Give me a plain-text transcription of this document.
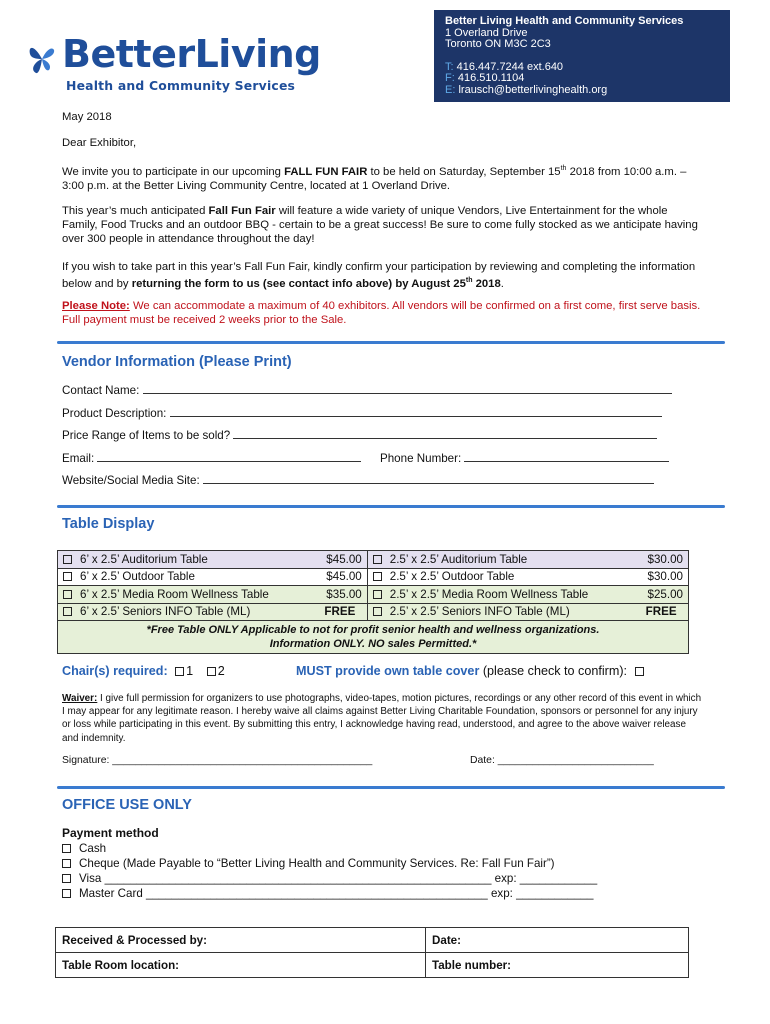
BetterLiving
Health and Community Services
Better Living Health and Community Services
1 Overland Drive
Toronto ON M3C 2C3
T: 416.447.7244 ext.640
F: 416.510.1104
E: lrausch@betterlivinghealth.org
May 2018
Dear Exhibitor,
We invite you to participate in our upcoming FALL FUN FAIR to be held on Saturday, September 15th 2018 from 10:00 a.m. – 3:00 p.m. at the Better Living Community Centre, located at 1 Overland Drive.
This year’s much anticipated Fall Fun Fair will feature a wide variety of unique Vendors, Live Entertainment for the whole Family, Food Trucks and an outdoor BBQ - certain to be a great success! Be sure to come fully stocked as we anticipate having over 300 people in attendance throughout the day!
If you wish to take part in this year’s Fall Fun Fair, kindly confirm your participation by reviewing and completing the information below and by returning the form to us (see contact info above) by August 25th 2018.
Please Note: We can accommodate a maximum of 40 exhibitors. All vendors will be confirmed on a first come, first serve basis. Full payment must be received 2 weeks prior to the Sale.
Vendor Information (Please Print)
Contact Name:
Product Description:
Price Range of Items to be sold?
Email:	Phone Number:
Website/Social Media Site:
Table Display
6’ x 2.5’ Auditorium Table	$45.00	2.5’ x 2.5’ Auditorium Table	$30.00
6’ x 2.5’ Outdoor Table	$45.00	2.5’ x 2.5’ Outdoor Table	$30.00
6’ x 2.5’ Media Room Wellness Table	$35.00	2.5’ x 2.5’ Media Room Wellness Table	$25.00
6’ x 2.5’ Seniors INFO Table (ML)	FREE	2.5’ x 2.5’ Seniors INFO Table (ML)	FREE

*Free Table ONLY Applicable to not for profit senior health and wellness organizations.
Information ONLY. NO sales Permitted.*			
Chair(s) required: 1 2	MUST provide own table cover (please check to confirm):
Waiver: I give full permission for organizers to use photographs, video-tapes, motion pictures, recordings or any other record of this event in which I may appear for any legitimate reason. I hereby waive all claims against Better Living Charitable Foundation, sponsors or personnel for any injury or loss while participating in this event. By submitting this entry, I acknowledge having read, understood, and agree to the above waiver release and indemnity.
Signature: _____________________________________________	Date: ___________________________
OFFICE USE ONLY
Payment method
Cash
Cheque (Made Payable to “Better Living Health and Community Services. Re: Fall Fun Fair”)
Visa ____________________________________________________________ exp: ____________
Master Card _____________________________________________________ exp: ____________
Received & Processed by:	Date:
Table Room location:	Table number:
